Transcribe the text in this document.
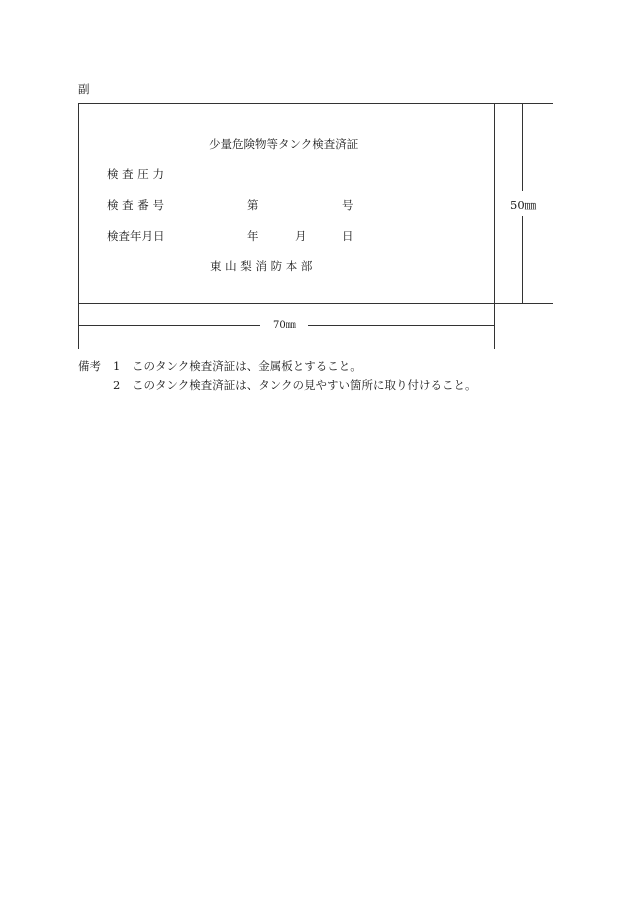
副
50㎜
70㎜
少量危険物等タンク検査済証
検 査 圧 力
検 査 番 号	第	号
検査年月日	年	月	日
東 山 梨 消 防 本 部
備考 1 このタンク検査済証は、金属板とすること。
2 このタンク検査済証は、タンクの見やすい箇所に取り付けること。
